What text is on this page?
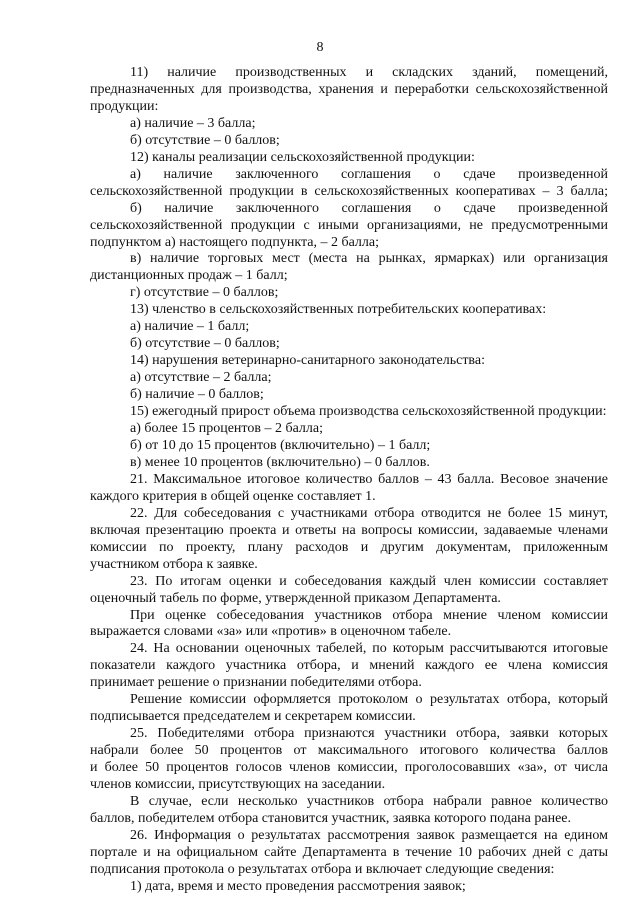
8

11) наличие производственных и складских зданий, помещений,

предназначенных для производства, хранения и переработки сельскохозяйственной

продукции:

а) наличие – 3 балла;

б) отсутствие – 0 баллов;

12) каналы реализации сельскохозяйственной продукции:

а) наличие заключенного соглашения о сдаче произведенной

сельскохозяйственной продукции в сельскохозяйственных кооперативах – 3 балла;

б) наличие заключенного соглашения о сдаче произведенной

сельскохозяйственной продукции с иными организациями, не предусмотренными

подпунктом а) настоящего подпункта, – 2 балла;

в) наличие торговых мест (места на рынках, ярмарках) или организация

дистанционных продаж – 1 балл;

г) отсутствие – 0 баллов;

13) членство в сельскохозяйственных потребительских кооперативах:

а) наличие – 1 балл;

б) отсутствие – 0 баллов;

14) нарушения ветеринарно-санитарного законодательства:

а) отсутствие – 2 балла;

б) наличие – 0 баллов;

15) ежегодный прирост объема производства сельскохозяйственной продукции:

а) более 15 процентов – 2 балла;

б) от 10 до 15 процентов (включительно) – 1 балл;

в) менее 10 процентов (включительно) – 0 баллов.

21. Максимальное итоговое количество баллов – 43 балла. Весовое значение

каждого критерия в общей оценке составляет 1.

22. Для собеседования с участниками отбора отводится не более 15 минут,

включая презентацию проекта и ответы на вопросы комиссии, задаваемые членами

комиссии по проекту, плану расходов и другим документам, приложенным

участником отбора к заявке.

23. По итогам оценки и собеседования каждый член комиссии составляет

оценочный табель по форме, утвержденной приказом Департамента.

При оценке собеседования участников отбора мнение членом комиссии

выражается словами «за» или «против» в оценочном табеле.

24. На основании оценочных табелей, по которым рассчитываются итоговые

показатели каждого участника отбора, и мнений каждого ее члена комиссия

принимает решение о признании победителями отбора.

Решение комиссии оформляется протоколом о результатах отбора, который

подписывается председателем и секретарем комиссии.

25. Победителями отбора признаются участники отбора, заявки которых

набрали более 50 процентов от максимального итогового количества баллов

и более 50 процентов голосов членов комиссии, проголосовавших «за», от числа

членов комиссии, присутствующих на заседании.

В случае, если несколько участников отбора набрали равное количество

баллов, победителем отбора становится участник, заявка которого подана ранее.

26. Информация о результатах рассмотрения заявок размещается на едином

портале и на официальном сайте Департамента в течение 10 рабочих дней с даты

подписания протокола о результатах отбора и включает следующие сведения:

1) дата, время и место проведения рассмотрения заявок;
